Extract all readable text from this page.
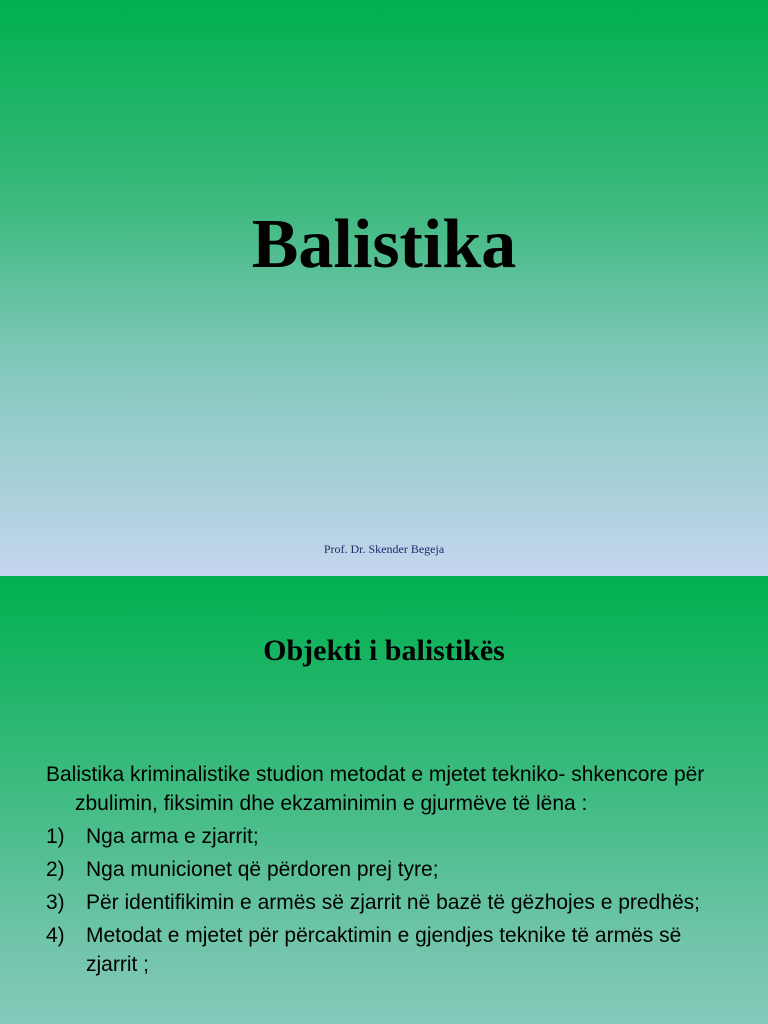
Balistika

Prof. Dr. Skender Begeja

Objekti i balistikës

Balistika kriminalistike studion metodat e mjetet tekniko- shkencore për zbulimin, fiksimin dhe ekzaminimin e gjurmëve të lëna :

1) Nga arma e zjarrit;
2) Nga municionet që përdoren prej tyre;
3) Për identifikimin e armës së zjarrit në bazë të gëzhojes e predhës;
4) Metodat e mjetet për përcaktimin e gjendjes teknike të armës së zjarrit ;
